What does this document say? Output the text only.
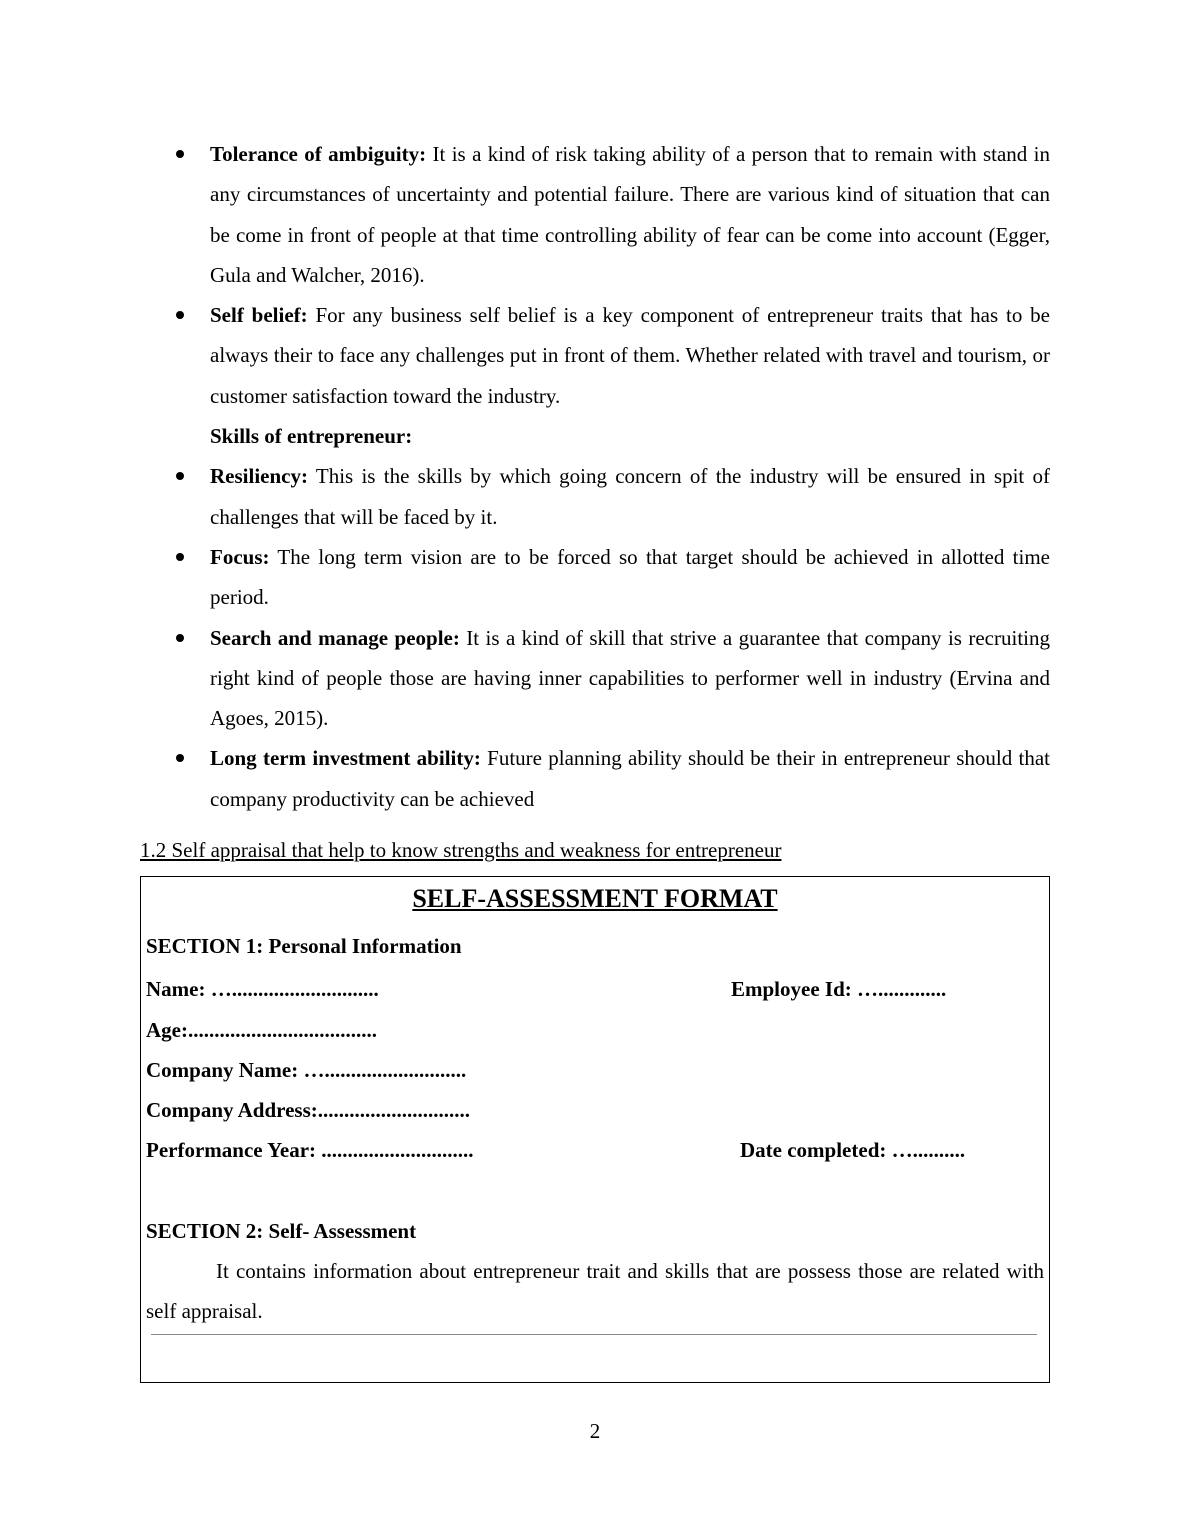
Tolerance of ambiguity: It is a kind of risk taking ability of a person that to remain with stand in any circumstances of uncertainty and potential failure. There are various kind of situation that can be come in front of people at that time controlling ability of fear can be come into account (Egger, Gula and Walcher, 2016).
Self belief: For any business self belief is a key component of entrepreneur traits that has to be always their to face any challenges put in front of them. Whether related with travel and tourism, or customer satisfaction toward the industry.
Skills of entrepreneur:
Resiliency: This is the skills by which going concern of the industry will be ensured in spit of challenges that will be faced by it.
Focus: The long term vision are to be forced so that target should be achieved in allotted time period.
Search and manage people: It is a kind of skill that strive a guarantee that company is recruiting right kind of people those are having inner capabilities to performer well in industry (Ervina and Agoes, 2015).
Long term investment ability: Future planning ability should be their in entrepreneur should that company productivity can be achieved
1.2 Self appraisal that help to know strengths and weakness for entrepreneur
SELF-ASSESSMENT FORMAT
SECTION 1: Personal Information
Name: …............................	Employee Id: ….............
Age:....................................
Company Name: …...........................
Company Address:.............................
Performance Year: .............................	Date completed: …..........
SECTION 2: Self- Assessment
It contains information about entrepreneur trait and skills that are possess those are related with self appraisal.
2
